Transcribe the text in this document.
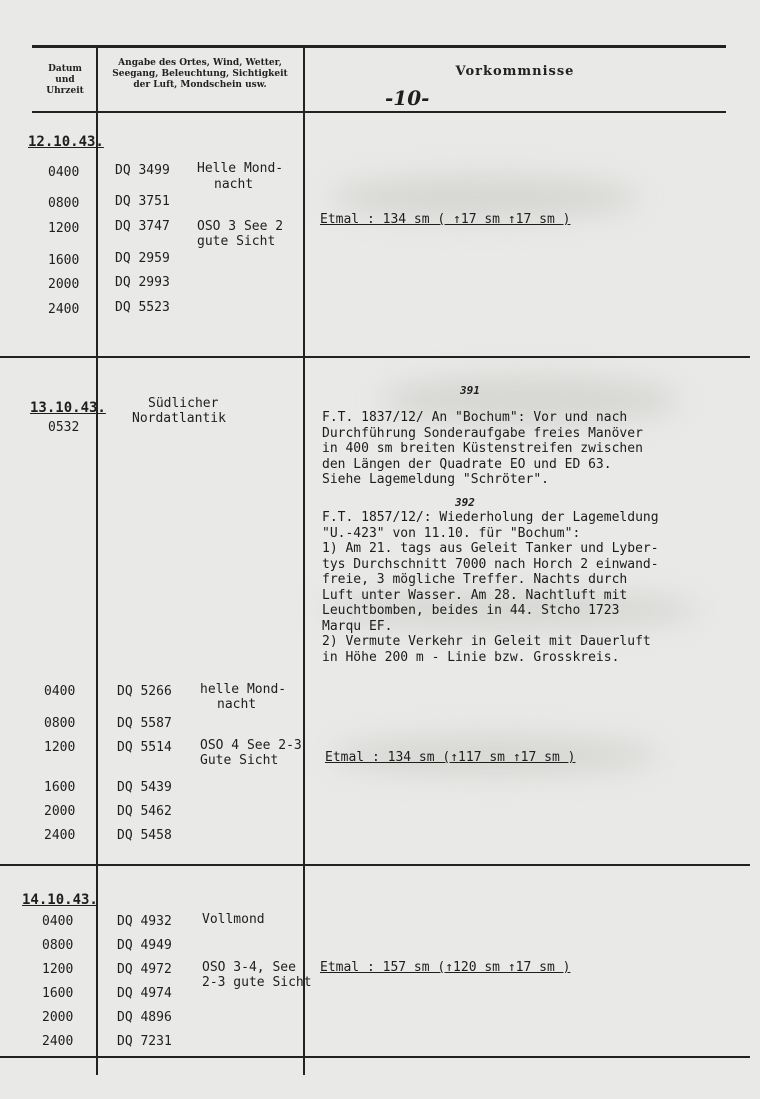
Datum
und
Uhrzeit
Angabe des Ortes, Wind, Wetter,
Seegang, Beleuchtung, Sichtigkeit
der Luft, Mondschein usw.
Vorkommnisse
-10-
12.10.43.
0400
0800
1200
1600
2000
2400
DQ 3499
DQ 3751
DQ 3747
DQ 2959
DQ 2993
DQ 5523
Helle Mond-
nacht
OSO 3 See 2
gute Sicht
Etmal : 134 sm ( ↑17 sm ↑17 sm )
13.10.43.
0532
Südlicher
Nordatlantik
391
F.T. 1837/12/ An "Bochum": Vor und nach
Durchführung Sonderaufgabe freies Manöver
in 400 sm breiten Küstenstreifen zwischen
den Längen der Quadrate EO und ED 63.
Siehe Lagemeldung "Schröter".
392
F.T. 1857/12/: Wiederholung der Lagemeldung
"U.-423" von 11.10. für "Bochum":
1) Am 21. tags aus Geleit Tanker und Lyber-
tys Durchschnitt 7000 nach Horch 2 einwand-
freie, 3 mögliche Treffer. Nachts durch
Luft unter Wasser. Am 28. Nachtluft mit
Leuchtbomben, beides in 44. Stcho 1723
Marqu EF.
2) Vermute Verkehr in Geleit mit Dauerluft
in Höhe 200 m - Linie bzw. Grosskreis.
0400
0800
1200
1600
2000
2400
DQ 5266
DQ 5587
DQ 5514
DQ 5439
DQ 5462
DQ 5458
helle Mond-
nacht
OSO 4 See 2-3
Gute Sicht	Etmal : 134 sm (↑117 sm ↑17 sm )
14.10.43.
0400
0800
1200
1600
2000
2400
DQ 4932
DQ 4949
DQ 4972
DQ 4974
DQ 4896
DQ 7231
Vollmond
OSO 3-4, See
2-3 gute Sicht
Etmal : 157 sm (↑120 sm ↑17 sm )
